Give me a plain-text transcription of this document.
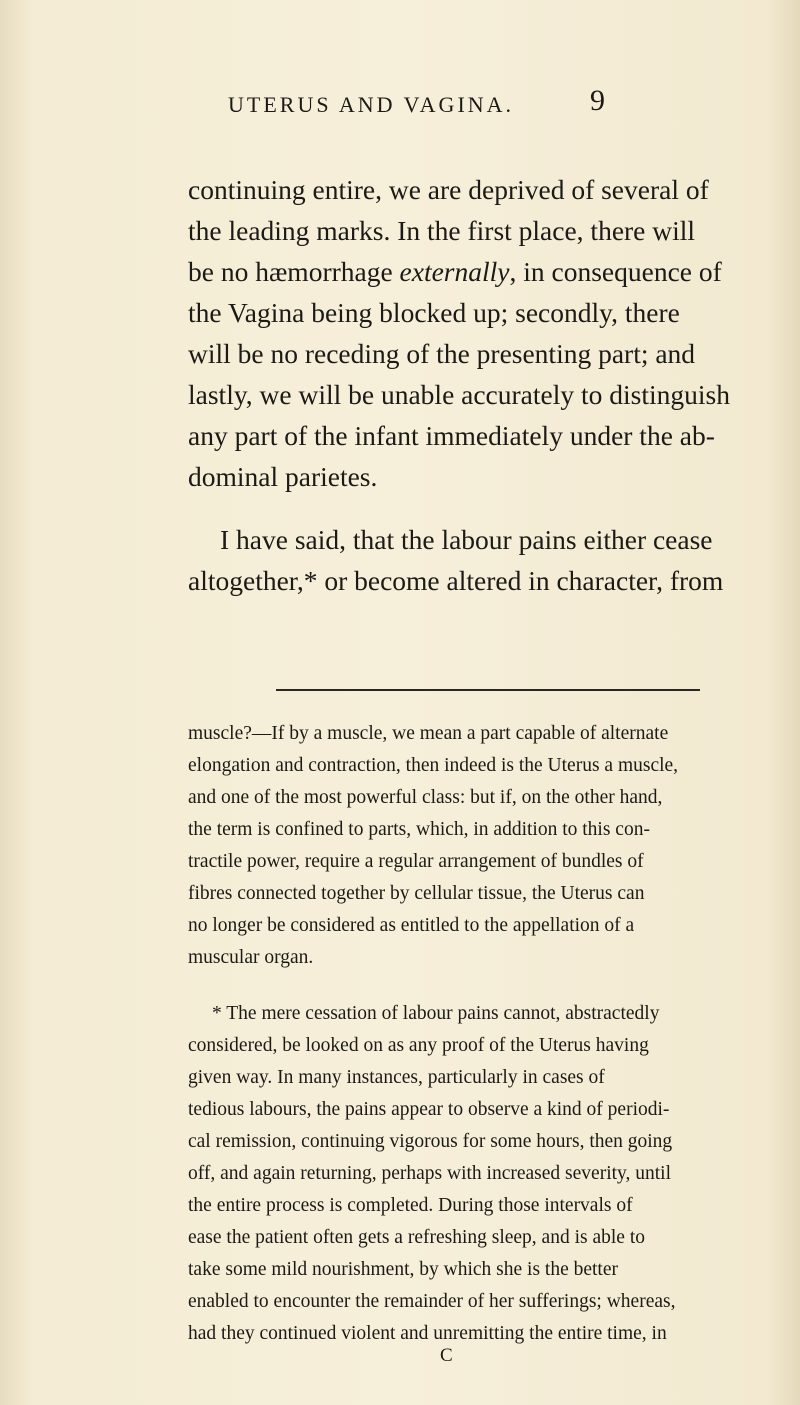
UTERUS AND VAGINA.	9
continuing entire, we are deprived of several of
the leading marks. In the first place, there will
be no hæmorrhage externally, in consequence of
the Vagina being blocked up; secondly, there
will be no receding of the presenting part; and
lastly, we will be unable accurately to distinguish
any part of the infant immediately under the ab-
dominal parietes.
I have said, that the labour pains either cease
altogether,* or become altered in character, from
muscle?—If by a muscle, we mean a part capable of alternate
elongation and contraction, then indeed is the Uterus a muscle,
and one of the most powerful class: but if, on the other hand,
the term is confined to parts, which, in addition to this con-
tractile power, require a regular arrangement of bundles of
fibres connected together by cellular tissue, the Uterus can
no longer be considered as entitled to the appellation of a
muscular organ.
* The mere cessation of labour pains cannot, abstractedly
considered, be looked on as any proof of the Uterus having
given way. In many instances, particularly in cases of
tedious labours, the pains appear to observe a kind of periodi-
cal remission, continuing vigorous for some hours, then going
off, and again returning, perhaps with increased severity, until
the entire process is completed. During those intervals of
ease the patient often gets a refreshing sleep, and is able to
take some mild nourishment, by which she is the better
enabled to encounter the remainder of her sufferings; whereas,
had they continued violent and unremitting the entire time, in
C
